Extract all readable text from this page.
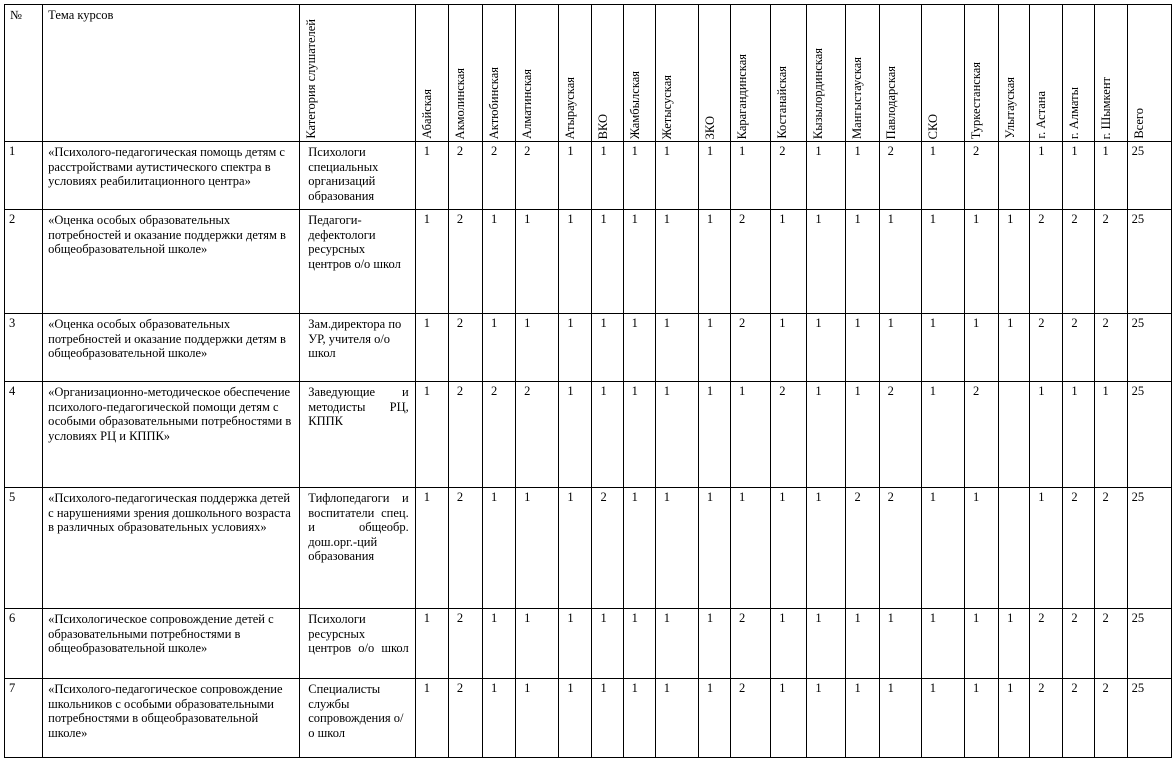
№	Тема курсов	Категория слушателей	Абайская	Акмолинская	Актюбинская	Алматинская	Атырауская	ВКО	Жамбылская	Жетысуская	ЗКО	Карагандинская	Костанайская	Кызылординская	Мангыстауская	Павлодарская	СКО	Туркестанская	Улытауская	г. Астана	г. Алматы	г. Шымкент	Всего

1	«Психолого-педагогическая помощь детям с расстройствами аутистического спектра в условиях реабилитационного центра»	Психологи специальных организаций образования	1	2	2	2	1	1	1	1	1	1	2	1	1	2	1	2		1	1	1	25
2	«Оценка особых образовательных потребностей и оказание поддержки детям в общеобразовательной школе»	Педагоги-дефектологи ресурсных центров о/о школ	1	2	1	1	1	1	1	1	1	2	1	1	1	1	1	1	1	2	2	2	25
3	«Оценка особых образовательных потребностей и оказание поддержки детям в общеобразовательной школе»	Зам.директора по УР, учителя о/о школ	1	2	1	1	1	1	1	1	1	2	1	1	1	1	1	1	1	2	2	2	25
4	«Организационно-методическое обеспечение психолого-педагогической помощи детям с особыми образовательными потребностями в условиях РЦ и КППК»	Заведующие и методисты РЦ, КППК	1	2	2	2	1	1	1	1	1	1	2	1	1	2	1	2		1	1	1	25
5	«Психолого-педагогическая поддержка детей с нарушениями зрения дошкольного возраста в различных образовательных условиях»	Тифлопедагоги и воспитатели спец. и общеобр. дош.орг.-ций образования	1	2	1	1	1	2	1	1	1	1	1	1	2	2	1	1		1	2	2	25
6	«Психологическое сопровождение детей с образовательными потребностями в общеобразовательной школе»	Психологи ресурсных центров о/о школ	1	2	1	1	1	1	1	1	1	2	1	1	1	1	1	1	1	2	2	2	25
7	«Психолого-педагогическое сопровождение школьников с особыми образовательными потребностями в общеобразовательной школе»	Специалисты службы сопровождения о/о школ	1	2	1	1	1	1	1	1	1	2	1	1	1	1	1	1	1	2	2	2	25
